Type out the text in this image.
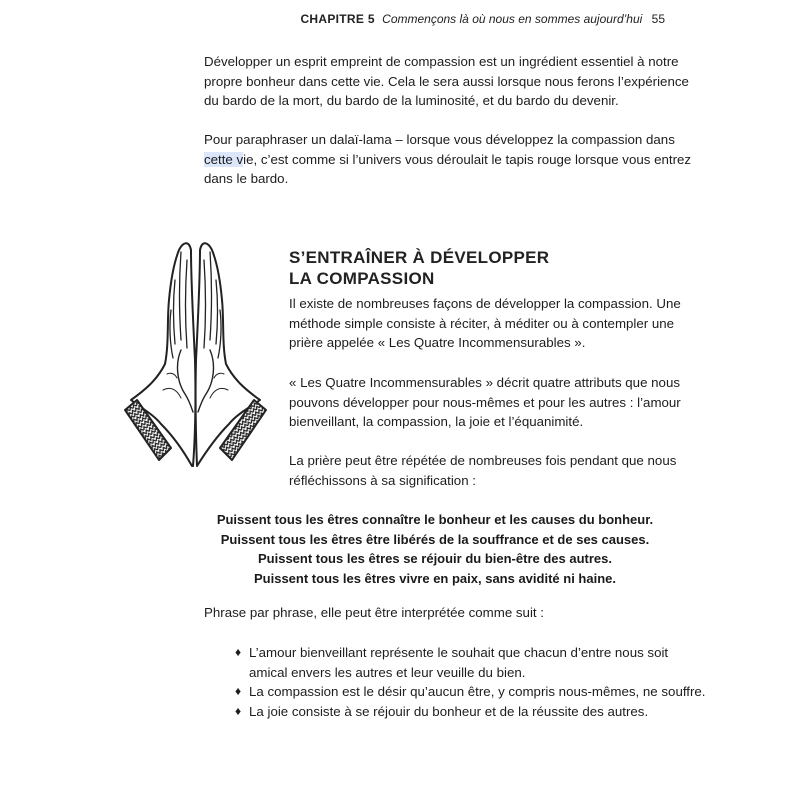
CHAPITRE 5 Commençons là où nous en sommes aujourd’hui 55

Développer un esprit empreint de compassion est un ingrédient essentiel à notre
propre bonheur dans cette vie. Cela le sera aussi lorsque nous ferons l’expérience
du bardo de la mort, du bardo de la luminosité, et du bardo du devenir.

Pour paraphraser un dalaï-lama – lorsque vous développez la compassion dans
cette vie, c’est comme si l’univers vous déroulait le tapis rouge lorsque vous entrez
dans le bardo.

S’ENTRAÎNER À DÉVELOPPER
LA COMPASSION

Il existe de nombreuses façons de développer la compassion. Une
méthode simple consiste à réciter, à méditer ou à contempler une
prière appelée « Les Quatre Incommensurables ».

« Les Quatre Incommensurables » décrit quatre attributs que nous
pouvons développer pour nous-mêmes et pour les autres : l’amour
bienveillant, la compassion, la joie et l’équanimité.

La prière peut être répétée de nombreuses fois pendant que nous
réfléchissons à sa signification :

Puissent tous les êtres connaître le bonheur et les causes du bonheur.
Puissent tous les êtres être libérés de la souffrance et de ses causes.
Puissent tous les êtres se réjouir du bien-être des autres.
Puissent tous les êtres vivre en paix, sans avidité ni haine.

Phrase par phrase, elle peut être interprétée comme suit :

♦ L’amour bienveillant représente le souhait que chacun d’entre nous soit
amical envers les autres et leur veuille du bien.
♦ La compassion est le désir qu’aucun être, y compris nous-mêmes, ne souffre.
♦ La joie consiste à se réjouir du bonheur et de la réussite des autres.
